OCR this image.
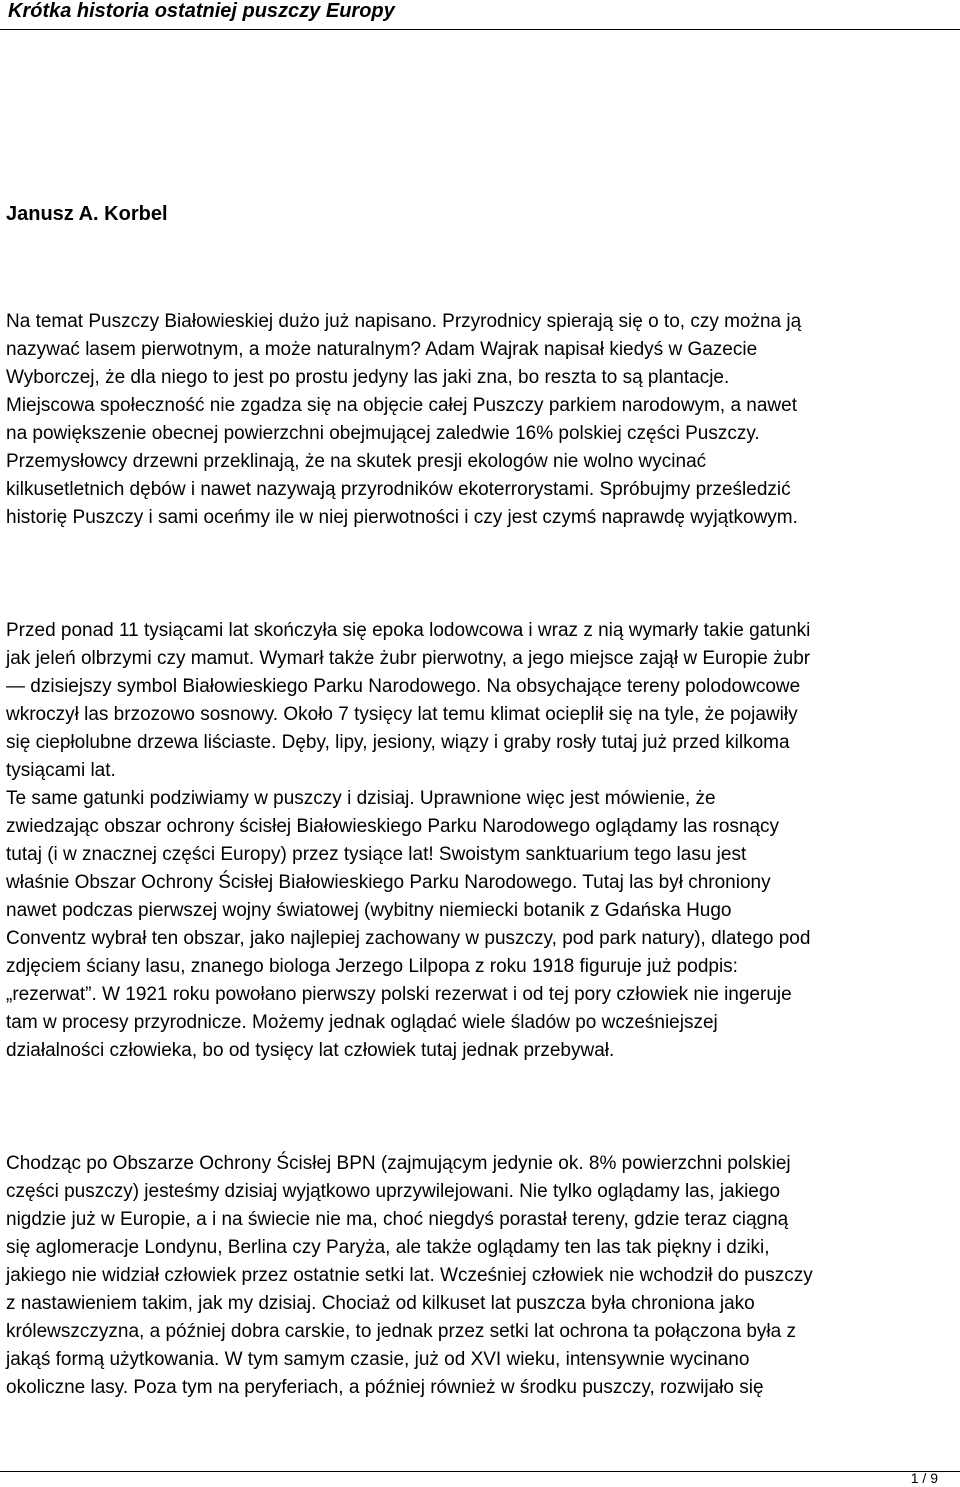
Krótka historia ostatniej puszczy Europy
Janusz A. Korbel
Na temat Puszczy Białowieskiej dużo już napisano. Przyrodnicy spierają się o to, czy można ją
nazywać lasem pierwotnym, a może naturalnym? Adam Wajrak napisał kiedyś w Gazecie
Wyborczej, że dla niego to jest po prostu jedyny las jaki zna, bo reszta to są plantacje.
Miejscowa społeczność nie zgadza się na objęcie całej Puszczy parkiem narodowym, a nawet
na powiększenie obecnej powierzchni obejmującej zaledwie 16% polskiej części Puszczy.
Przemysłowcy drzewni przeklinają, że na skutek presji ekologów nie wolno wycinać
kilkusetletnich dębów i nawet nazywają przyrodników ekoterrorystami. Spróbujmy prześledzić
historię Puszczy i sami oceńmy ile w niej pierwotności i czy jest czymś naprawdę wyjątkowym.
Przed ponad 11 tysiącami lat skończyła się epoka lodowcowa i wraz z nią wymarły takie gatunki
jak jeleń olbrzymi czy mamut. Wymarł także żubr pierwotny, a jego miejsce zajął w Europie żubr
— dzisiejszy symbol Białowieskiego Parku Narodowego. Na obsychające tereny polodowcowe
wkroczył las brzozowo sosnowy. Około 7 tysięcy lat temu klimat ocieplił się na tyle, że pojawiły
się ciepłolubne drzewa liściaste. Dęby, lipy, jesiony, wiązy i graby rosły tutaj już przed kilkoma
tysiącami lat.
Te same gatunki podziwiamy w puszczy i dzisiaj. Uprawnione więc jest mówienie, że
zwiedzając obszar ochrony ścisłej Białowieskiego Parku Narodowego oglądamy las rosnący
tutaj (i w znacznej części Europy) przez tysiące lat! Swoistym sanktuarium tego lasu jest
właśnie Obszar Ochrony Ścisłej Białowieskiego Parku Narodowego. Tutaj las był chroniony
nawet podczas pierwszej wojny światowej (wybitny niemiecki botanik z Gdańska Hugo
Conventz wybrał ten obszar, jako najlepiej zachowany w puszczy, pod park natury), dlatego pod
zdjęciem ściany lasu, znanego biologa Jerzego Lilpopa z roku 1918 figuruje już podpis:
„rezerwat”. W 1921 roku powołano pierwszy polski rezerwat i od tej pory człowiek nie ingeruje
tam w procesy przyrodnicze. Możemy jednak oglądać wiele śladów po wcześniejszej
działalności człowieka, bo od tysięcy lat człowiek tutaj jednak przebywał.
Chodząc po Obszarze Ochrony Ścisłej BPN (zajmującym jedynie ok. 8% powierzchni polskiej
części puszczy) jesteśmy dzisiaj wyjątkowo uprzywilejowani. Nie tylko oglądamy las, jakiego
nigdzie już w Europie, a i na świecie nie ma, choć niegdyś porastał tereny, gdzie teraz ciągną
się aglomeracje Londynu, Berlina czy Paryża, ale także oglądamy ten las tak piękny i dziki,
jakiego nie widział człowiek przez ostatnie setki lat. Wcześniej człowiek nie wchodził do puszczy
z nastawieniem takim, jak my dzisiaj. Chociaż od kilkuset lat puszcza była chroniona jako
królewszczyzna, a później dobra carskie, to jednak przez setki lat ochrona ta połączona była z
jakąś formą użytkowania. W tym samym czasie, już od XVI wieku, intensywnie wycinano
okoliczne lasy. Poza tym na peryferiach, a później również w środku puszczy, rozwijało się
1 / 9
